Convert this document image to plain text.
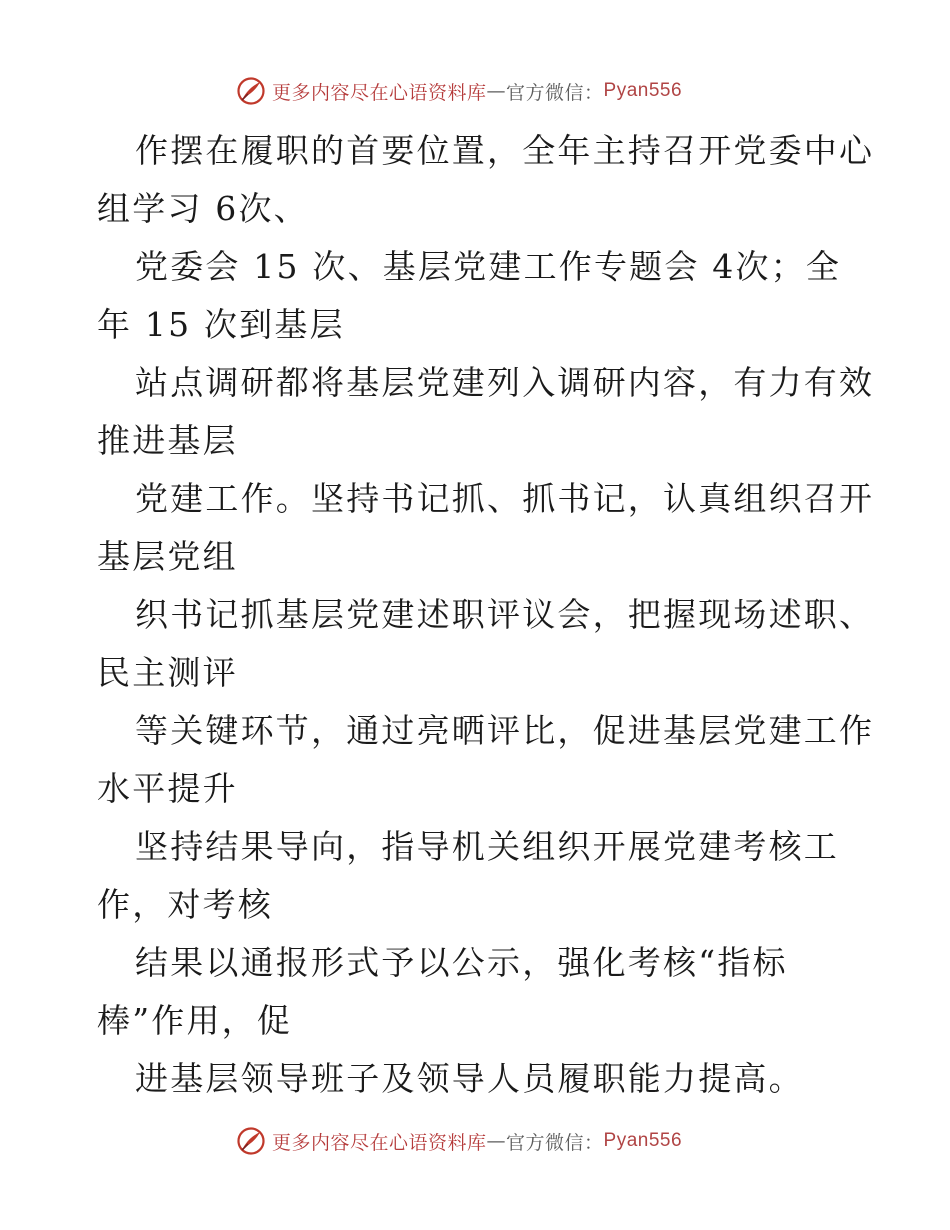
更多内容尽在心语资料库 — 官方微信： Pyan556
作摆在履职的首要位置，全年主持召开党委中心
组学习 6次、
党委会 15 次、基层党建工作专题会 4次；全
年 15 次到基层
站点调研都将基层党建列入调研内容，有力有效
推进基层
党建工作。坚持书记抓、抓书记，认真组织召开
基层党组
织书记抓基层党建述职评议会，把握现场述职、
民主测评
等关键环节，通过亮晒评比，促进基层党建工作
水平提升
坚持结果导向，指导机关组织开展党建考核工
作，对考核
结果以通报形式予以公示，强化考核“指标
棒”作用，促
进基层领导班子及领导人员履职能力提高。
更多内容尽在心语资料库 — 官方微信： Pyan556
